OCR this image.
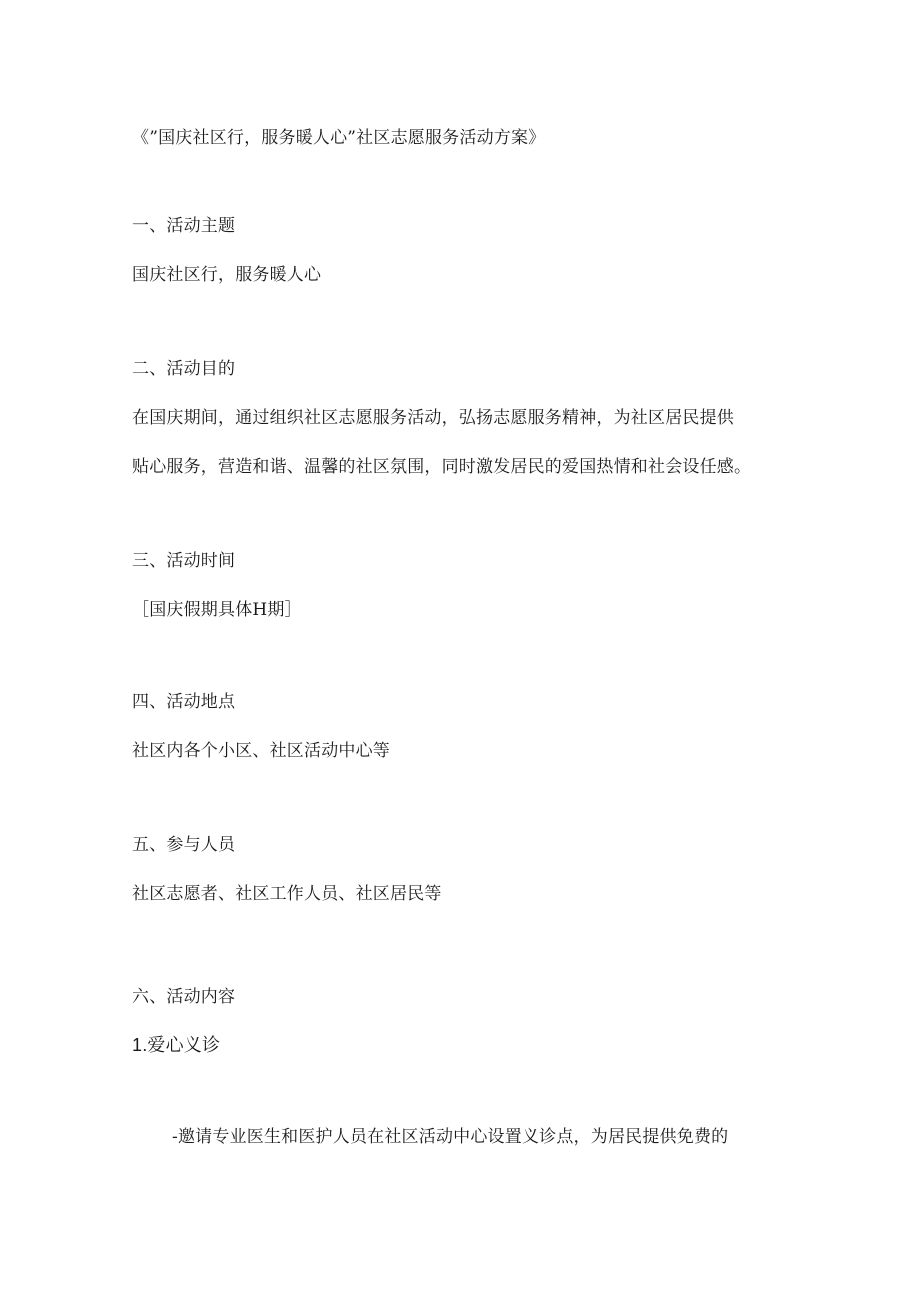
《”国庆社区行，服务暖人心”社区志愿服务活动方案》
一、活动主题
国庆社区行，服务暖人心
二、活动目的
在国庆期间，通过组织社区志愿服务活动，弘扬志愿服务精神，为社区居民提供
贴心服务，营造和谐、温馨的社区氛围，同时激发居民的爱国热情和社会设任感。
三、活动时间
［国庆假期具体H期］
四、活动地点
社区内各个小区、社区活动中心等
五、参与人员
社区志愿者、社区工作人员、社区居民等
六、活动内容
1.爱心义诊
-邀请专业医生和医护人员在社区活动中心设置义诊点，为居民提供免费的
